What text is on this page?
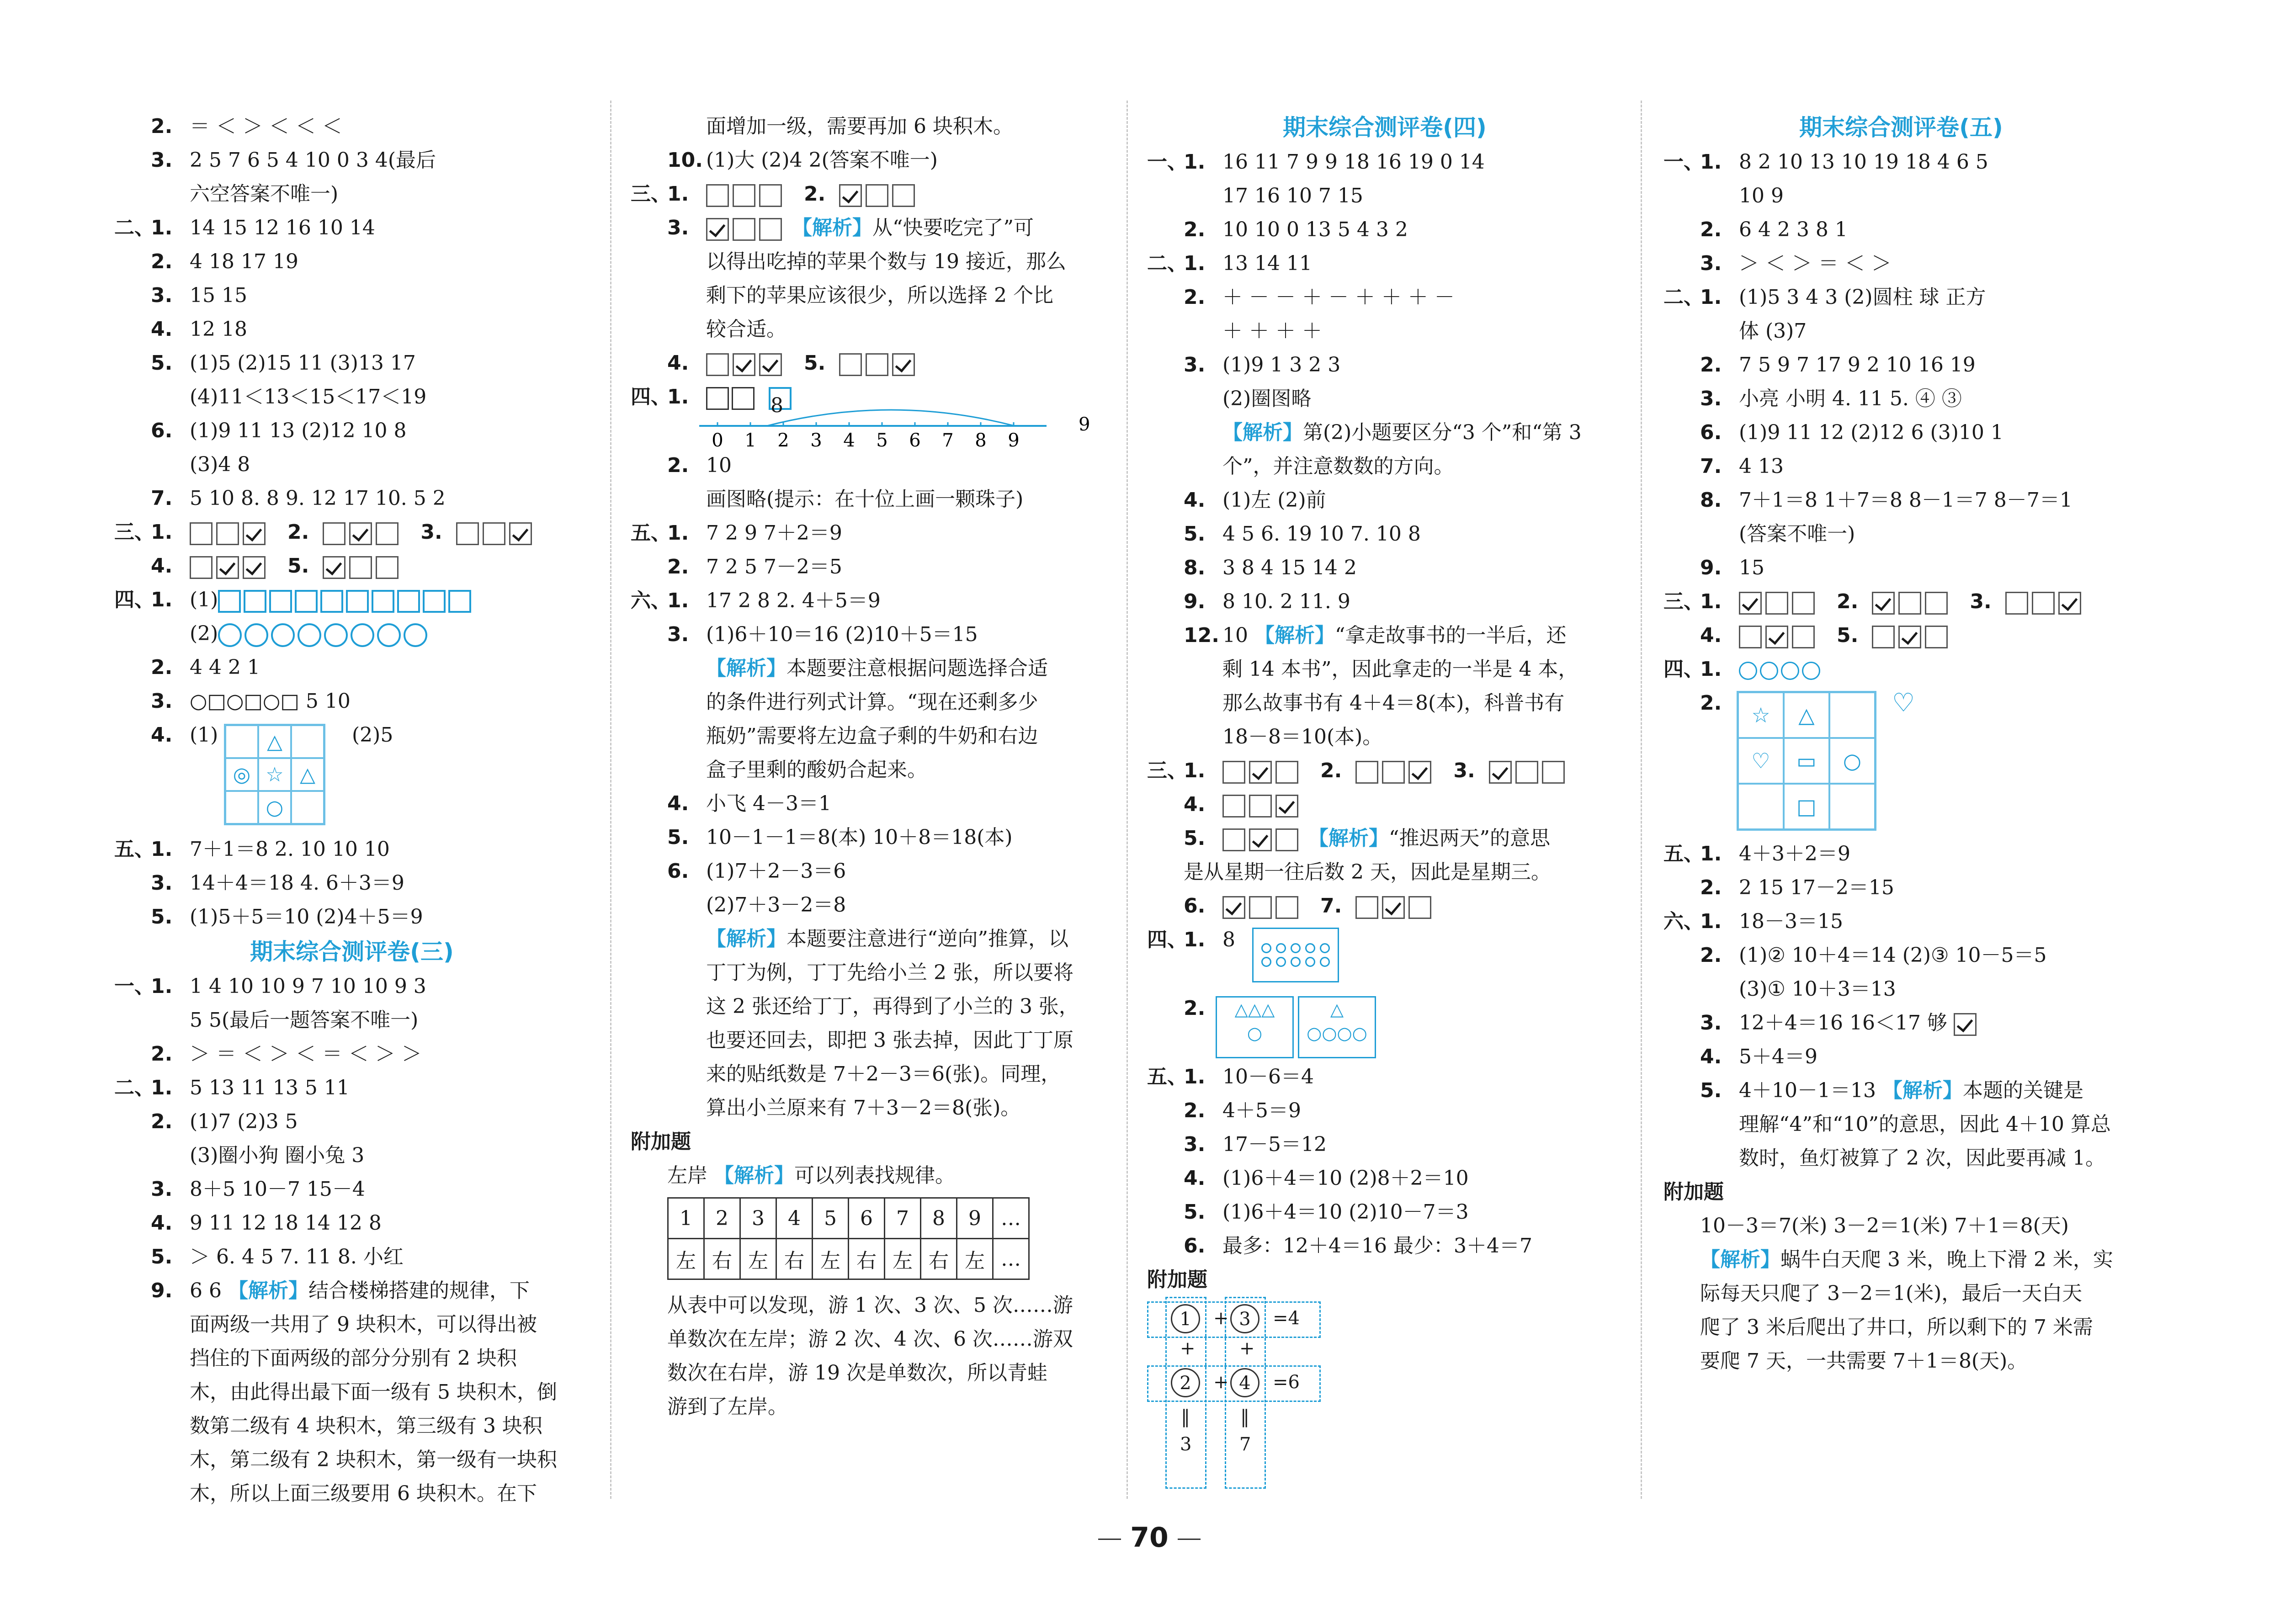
2. ＝ ＜ ＞ ＜ ＜ ＜
3. 2 5 7 6 5 4 10 0 3 4(最后
六空答案不唯一)
二、
1. 14 15 12 16 10 14
2. 4 18 17 19
3. 15 15
4. 12 18
5. (1)5 (2)15 11 (3)13 17
(4)11＜13＜15＜17＜19
6. (1)9 11 13 (2)12 10 8
(3)4 8
7. 5 10 8. 8 9. 12 17 10. 5 2
三、
1.	2.	3.
4.	5.
四、
1. (1)
(2)
2. 4 4 2 1
3. ○□○□○□ 5 10
4. (1)	△
◎ ☆ △
○
(2)5
五、
1. 7＋1＝8 2. 10 10 10
3. 14＋4＝18 4. 6＋3＝9
5. (1)5＋5＝10 (2)4＋5＝9
期末综合测评卷(三)
一、
1. 1 4 10 10 9 7 10 10 9 3
5 5(最后一题答案不唯一)
2. ＞ ＝ ＜ ＞ ＜ ＝ ＜ ＞ ＞
二、
1. 5 13 11 13 5 11
2. (1)7 (2)3 5
(3)圈小狗 圈小兔 3
3. 8＋5 10－7 15－4
4. 9 11 12 18 14 12 8
5. ＞ 6. 4 5 7. 11 8. 小红
9. 6 6 【解析】结合楼梯搭建的规律，下
面两级一共用了 9 块积木，可以得出被
挡住的下面两级的部分分别有 2 块积
木，由此得出最下面一级有 5 块积木，倒
数第二级有 4 块积木，第三级有 3 块积
木，第二级有 2 块积木，第一级有一块积
木，所以上面三级要用 6 块积木。在下
面增加一级，需要再加 6 块积木。
10. (1)大 (2)4 2(答案不唯一)
三、
1.	2.
3.	【解析】从“快要吃完了”可
以得出吃掉的苹果个数与 19 接近，那么
剩下的苹果应该很少，所以选择 2 个比
较合适。
4.	5.
四、
1.	8
0 1 2 3 4 5 6 7 8 9
9
2. 10
画图略(提示：在十位上画一颗珠子)
五、
1. 7 2 9 7＋2＝9
2. 7 2 5 7－2＝5
六、
1. 17 2 8 2. 4＋5＝9
3. (1)6＋10＝16 (2)10＋5＝15
【解析】本题要注意根据问题选择合适
的条件进行列式计算。“现在还剩多少
瓶奶”需要将左边盒子剩的牛奶和右边
盒子里剩的酸奶合起来。
4. 小飞 4－3＝1
5. 10－1－1＝8(本) 10＋8＝18(本)
6. (1)7＋2－3＝6
(2)7＋3－2＝8
【解析】本题要注意进行“逆向”推算，以
丁丁为例，丁丁先给小兰 2 张，所以要将
这 2 张还给丁丁，再得到了小兰的 3 张，
也要还回去，即把 3 张去掉，因此丁丁原
来的贴纸数是 7＋2－3＝6(张)。同理，
算出小兰原来有 7＋3－2＝8(张)。
附加题
左岸 【解析】可以列表找规律。
1	2	3	4	5	6	7	8	9	…
左	右	左	右	左	右	左	右	左	…
从表中可以发现，游 1 次、3 次、5 次……游
单数次在左岸；游 2 次、4 次、6 次……游双
数次在右岸，游 19 次是单数次，所以青蛙
游到了左岸。
期末综合测评卷(四)
一、
1. 16 11 7 9 9 18 16 19 0 14
17 16 10 7 15
2. 10 10 0 13 5 4 3 2
二、
1. 13 14 11
2. ＋ － － ＋ － ＋ ＋ ＋ －
＋ ＋ ＋ ＋
3. (1)9 1 3 2 3
(2)圈图略
【解析】第(2)小题要区分“3 个”和“第 3
个”，并注意数数的方向。
4. (1)左 (2)前
5. 4 5 6. 19 10 7. 10 8
8. 3 8 4 15 14 2
9. 8 10. 2 11. 9
12. 10 【解析】“拿走故事书的一半后，还
剩 14 本书”，因此拿走的一半是 4 本，
那么故事书有 4＋4＝8(本)，科普书有
18－8＝10(本)。
三、
1.	2.	3.
4.
5.	【解析】“推迟两天”的意思
是从星期一往后数 2 天，因此是星期三。
6.	7.
四、
1. 8
2.	△△△
○
△
○○○○
五、
1. 10－6＝4
2. 4＋5＝9
3. 17－5＝12
4. (1)6＋4＝10 (2)8＋2＝10
5. (1)6＋4＝10 (2)10－7＝3
6. 最多：12＋4＝16 最少：3＋4＝7
附加题
1	+ 3	=4
+ +
2	+ 4	=6
‖	‖
3	7
期末综合测评卷(五)
一、
1. 8 2 10 13 10 19 18 4 6 5
10 9
2. 6 4 2 3 8 1
3. ＞ ＜ ＞ ＝ ＜ ＞
二、
1. (1)5 3 4 3 (2)圆柱 球 正方
体 (3)7
2. 7 5 9 7 17 9 2 10 16 19
3. 小亮 小明 4. 11 5. ④ ③
6. (1)9 11 12 (2)12 6 (3)10 1
7. 4 13
8. 7＋1＝8 1＋7＝8 8－1＝7 8－7＝1
(答案不唯一)
9. 15
三、
1.	2.	3.
4.	5.
四、
1.
2.	☆	△
♡	▭	○
□
♡
五、
1. 4＋3＋2＝9
2. 2 15 17－2＝15
六、
1. 18－3＝15
2. (1)② 10＋4＝14 (2)③ 10－5＝5
(3)① 10＋3＝13
3. 12＋4＝16 16＜17 够
4. 5＋4＝9
5. 4＋10－1＝13 【解析】本题的关键是
理解“4”和“10”的意思，因此 4＋10 算总
数时，鱼灯被算了 2 次，因此要再减 1。
附加题
10－3＝7(米) 3－2＝1(米) 7＋1＝8(天)
【解析】蜗牛白天爬 3 米，晚上下滑 2 米，实
际每天只爬了 3－2＝1(米)，最后一天白天
爬了 3 米后爬出了井口，所以剩下的 7 米需
要爬 7 天，一共需要 7＋1＝8(天)。
70
